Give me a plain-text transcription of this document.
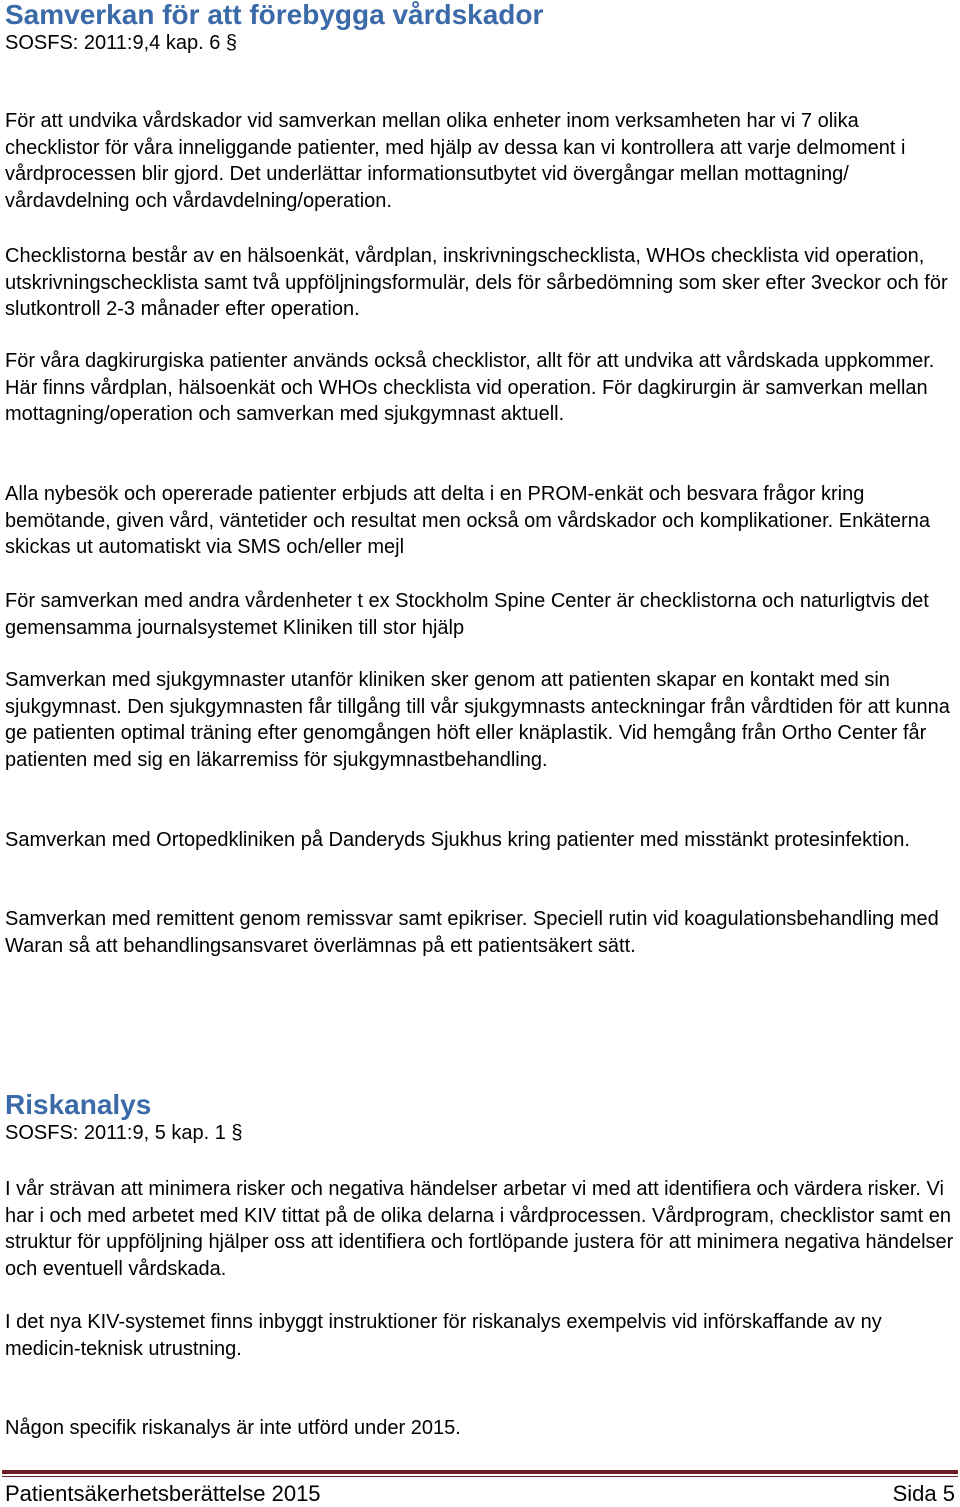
Samverkan för att förebygga vårdskador

SOSFS: 2011:9,4 kap. 6 §

För att undvika vårdskador vid samverkan mellan olika enheter inom verksamheten har vi 7 olika checklistor för våra inneliggande patienter, med hjälp av dessa kan vi kontrollera att varje delmoment i vårdprocessen blir gjord. Det underlättar informationsutbytet vid övergångar mellan mottagning/ vårdavdelning och vårdavdelning/operation.

Checklistorna består av en hälsoenkät, vårdplan, inskrivningschecklista, WHOs checklista vid operation, utskrivningschecklista samt två uppföljningsformulär, dels för sårbedömning som sker efter 3veckor och för slutkontroll 2-3 månader efter operation.

För våra dagkirurgiska patienter används också checklistor, allt för att undvika att vårdskada uppkommer. Här finns vårdplan, hälsoenkät och WHOs checklista vid operation. För dagkirurgin är samverkan mellan mottagning/operation och samverkan med sjukgymnast aktuell.

Alla nybesök och opererade patienter erbjuds att delta i en PROM-enkät och besvara frågor kring bemötande, given vård, väntetider och resultat men också om vårdskador och komplikationer. Enkäterna skickas ut automatiskt via SMS och/eller mejl

För samverkan med andra vårdenheter t ex Stockholm Spine Center är checklistorna och naturligtvis det gemensamma journalsystemet Kliniken till stor hjälp

Samverkan med sjukgymnaster utanför kliniken sker genom att patienten skapar en kontakt med sin sjukgymnast. Den sjukgymnasten får tillgång till vår sjukgymnasts anteckningar från vårdtiden för att kunna ge patienten optimal träning efter genomgången höft eller knäplastik. Vid hemgång från Ortho Center får patienten med sig en läkarremiss för sjukgymnastbehandling.

Samverkan med Ortopedkliniken på Danderyds Sjukhus kring patienter med misstänkt protesinfektion.

Samverkan med remittent genom remissvar samt epikriser. Speciell rutin vid koagulationsbehandling med Waran så att behandlingsansvaret överlämnas på ett patientsäkert sätt.

Riskanalys

SOSFS: 2011:9, 5 kap. 1 §

I vår strävan att minimera risker och negativa händelser arbetar vi med att identifiera och värdera risker. Vi har i och med arbetet med KIV tittat på de olika delarna i vårdprocessen. Vårdprogram, checklistor samt en struktur för uppföljning hjälper oss att identifiera och fortlöpande justera för att minimera negativa händelser och eventuell vårdskada.

I det nya KIV-systemet finns inbyggt instruktioner för riskanalys exempelvis vid införskaffande av ny medicin-teknisk utrustning.

Någon specifik riskanalys är inte utförd under 2015.

Patientsäkerhetsberättelse 2015	Sida 5
